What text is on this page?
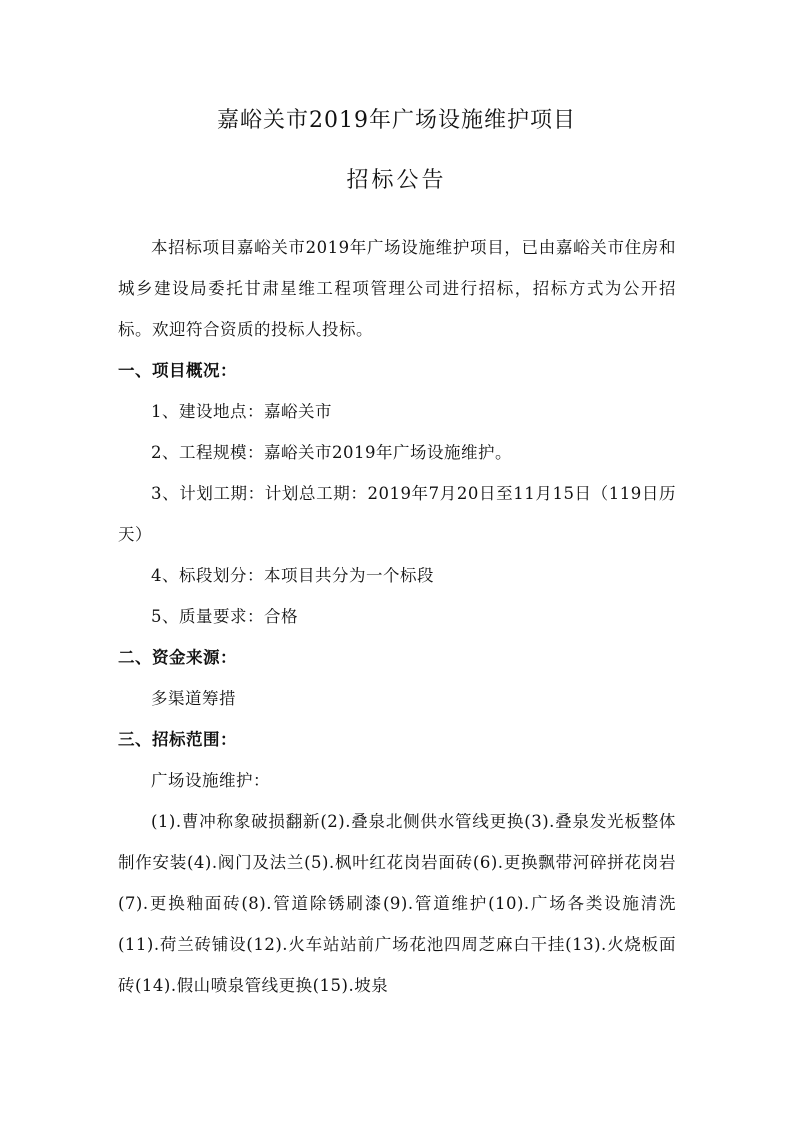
嘉峪关市2019年广场设施维护项目
招标公告

本招标项目嘉峪关市2019年广场设施维护项目，已由嘉峪关市住房和城乡建设局委托甘肃星维工程项管理公司进行招标，招标方式为公开招标。欢迎符合资质的投标人投标。

一、项目概况：

1、建设地点：嘉峪关市

2、工程规模：嘉峪关市2019年广场设施维护。

3、计划工期：计划总工期：2019年7月20日至11月15日（119日历天）

4、标段划分：本项目共分为一个标段

5、质量要求：合格

二、资金来源：

多渠道筹措

三、招标范围：

广场设施维护：

(1).曹冲称象破损翻新(2).叠泉北侧供水管线更换(3).叠泉发光板整体制作安装(4).阀门及法兰(5).枫叶红花岗岩面砖(6).更换飘带河碎拼花岗岩(7).更换釉面砖(8).管道除锈刷漆(9).管道维护(10).广场各类设施清洗(11).荷兰砖铺设(12).火车站站前广场花池四周芝麻白干挂(13).火烧板面砖(14).假山喷泉管线更换(15).坡泉
